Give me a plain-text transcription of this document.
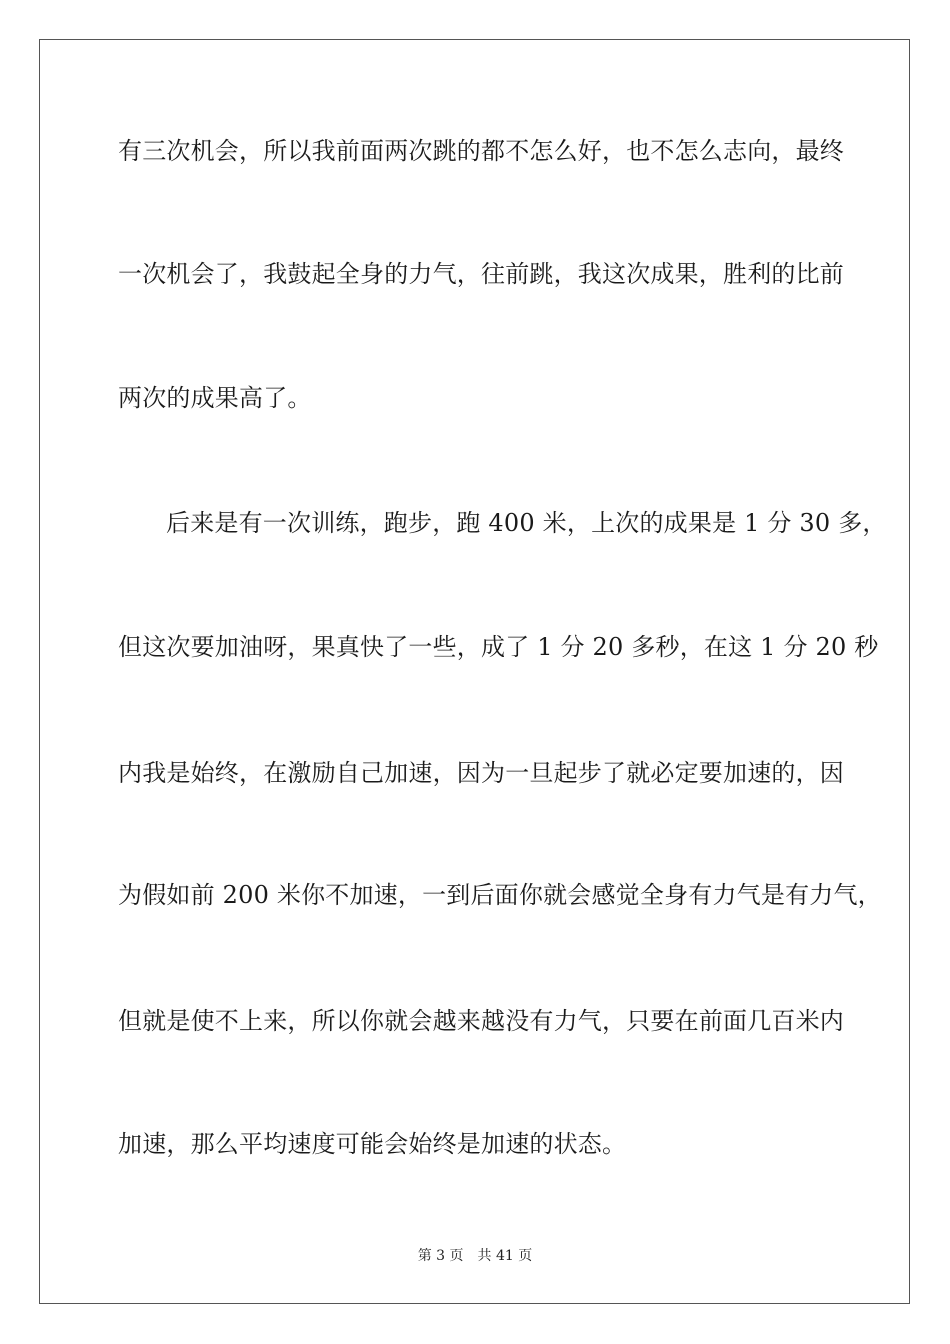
有三次机会，所以我前面两次跳的都不怎么好，也不怎么志向，最终
一次机会了，我鼓起全身的力气，往前跳，我这次成果，胜利的比前
两次的成果高了。
后来是有一次训练，跑步，跑 400 米，上次的成果是 1 分 30 多，
但这次要加油呀，果真快了一些，成了 1 分 20 多秒，在这 1 分 20 秒
内我是始终，在激励自己加速，因为一旦起步了就必定要加速的，因
为假如前 200 米你不加速，一到后面你就会感觉全身有力气是有力气，
但就是使不上来，所以你就会越来越没有力气，只要在前面几百米内
加速，那么平均速度可能会始终是加速的状态。
第 3 页 共 41 页
